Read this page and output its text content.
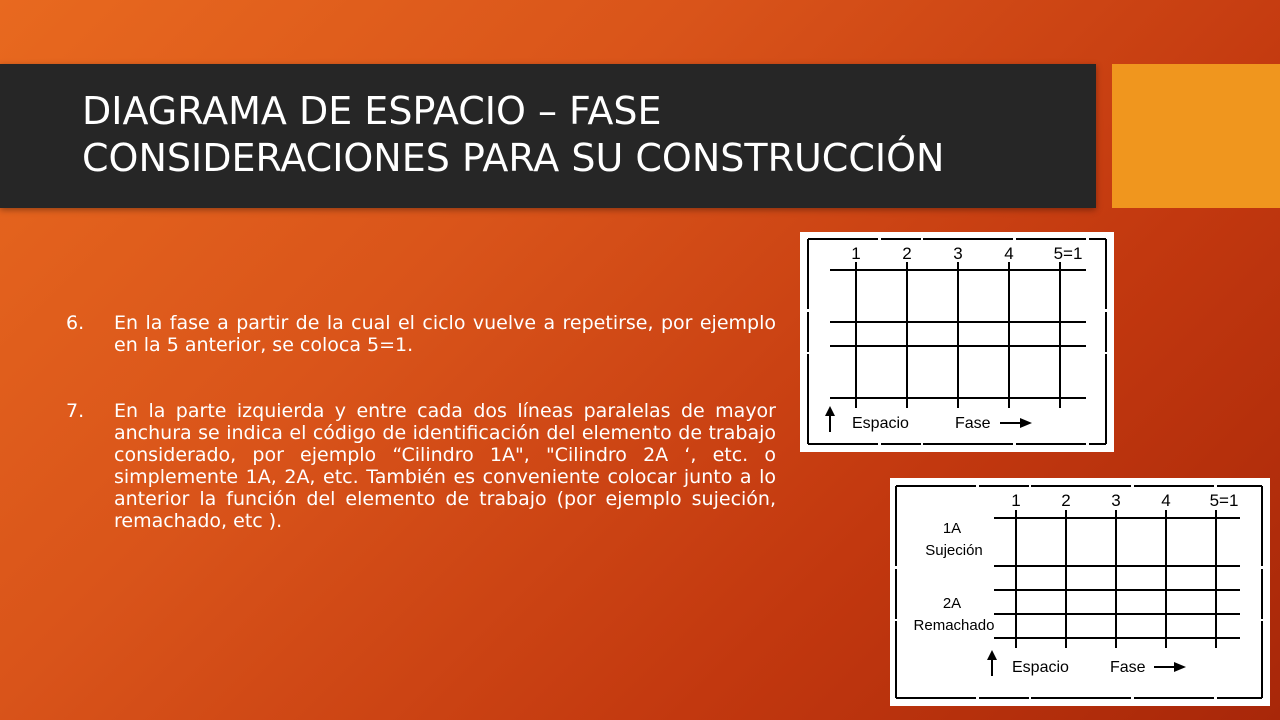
DIAGRAMA DE ESPACIO – FASE
CONSIDERACIONES PARA SU CONSTRUCCIÓN
6. En la fase a partir de la cual el ciclo vuelve a repetirse, por ejemplo en la 5 anterior, se coloca 5=1.
7. En la parte izquierda y entre cada dos líneas paralelas de mayor anchura se indica el código de identificación del elemento de trabajo considerado, por ejemplo “Cilindro 1A", "Cilindro 2A ‘, etc. o simplemente 1A, 2A, etc. También es conveniente colocar junto a lo anterior la función del elemento de trabajo (por ejemplo sujeción, remachado, etc ).
1 2 3 4 5=1
Espacio	Fase
1 2 3 4 5=1
1A
Sujeción
2A
Remachado
Espacio	Fase
